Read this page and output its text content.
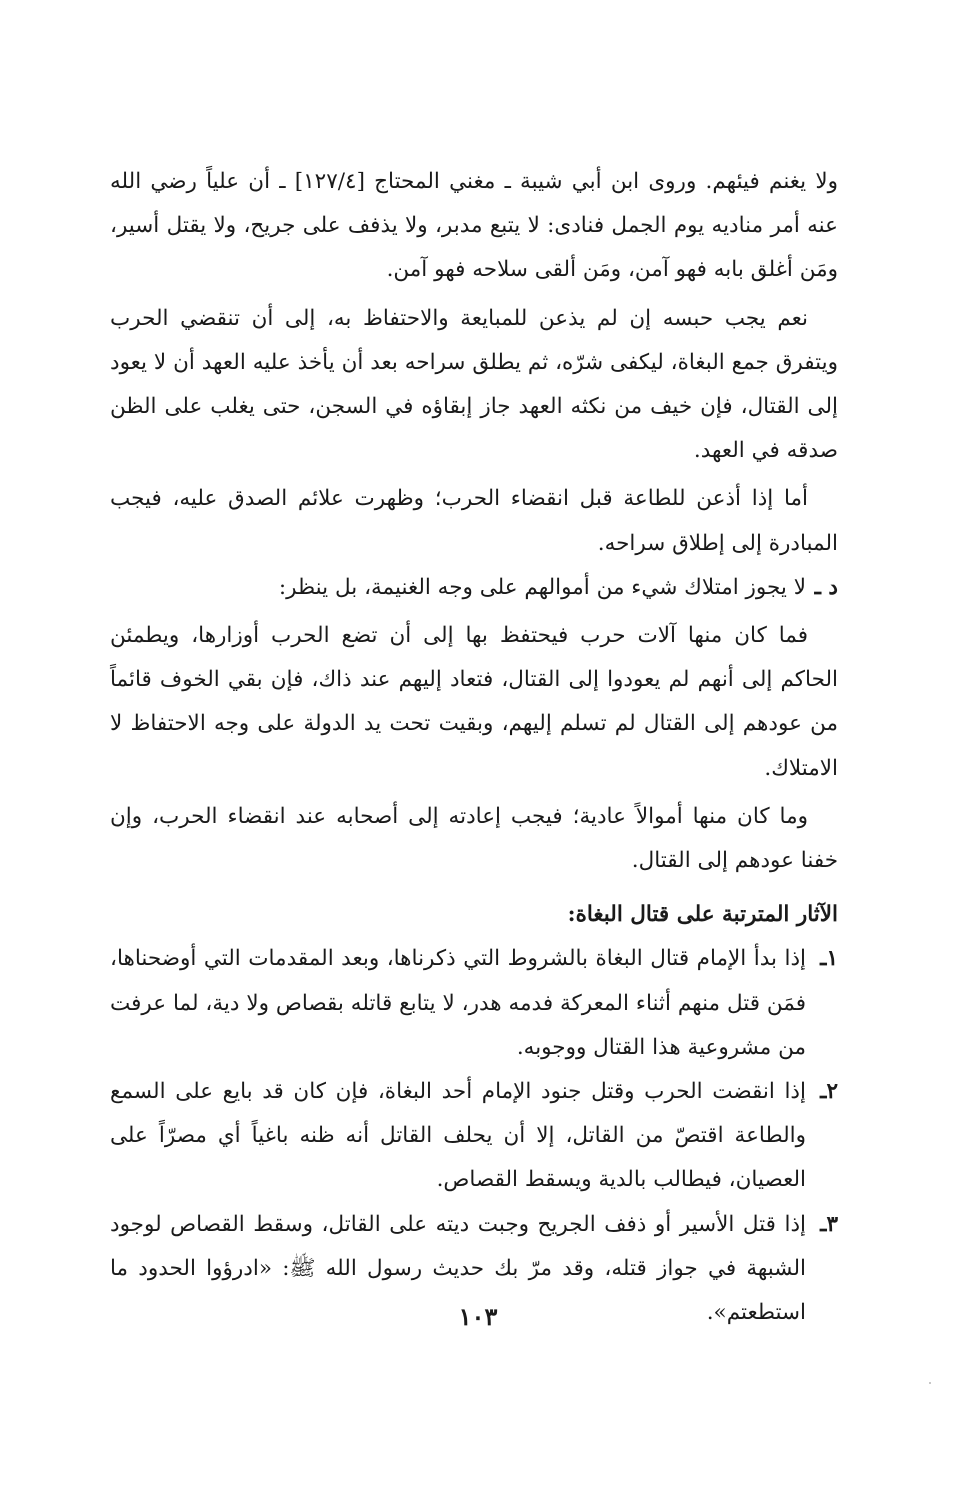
ولا يغنم فيئهم. وروى ابن أبي شيبة ـ مغني المحتاج [١٢٧/٤] ـ أن علياً رضي الله عنه أمر مناديه يوم الجمل فنادى: لا يتبع مدبر، ولا يذفف على جريح، ولا يقتل أسير، ومَن أغلق بابه فهو آمن، ومَن ألقى سلاحه فهو آمن.

نعم يجب حبسه إن لم يذعن للمبايعة والاحتفاظ به، إلى أن تنقضي الحرب ويتفرق جمع البغاة، ليكفى شرّه، ثم يطلق سراحه بعد أن يأخذ عليه العهد أن لا يعود إلى القتال، فإن خيف من نكثه العهد جاز إبقاؤه في السجن، حتى يغلب على الظن صدقه في العهد.

أما إذا أذعن للطاعة قبل انقضاء الحرب؛ وظهرت علائم الصدق عليه، فيجب المبادرة إلى إطلاق سراحه.

د ـ
لا يجوز امتلاك شيء من أموالهم على وجه الغنيمة، بل ينظر:

فما كان منها آلات حرب فيحتفظ بها إلى أن تضع الحرب أوزارها، ويطمئن الحاكم إلى أنهم لم يعودوا إلى القتال، فتعاد إليهم عند ذاك، فإن بقي الخوف قائماً من عودهم إلى القتال لم تسلم إليهم، وبقيت تحت يد الدولة على وجه الاحتفاظ لا الامتلاك.

وما كان منها أموالاً عادية؛ فيجب إعادته إلى أصحابه عند انقضاء الحرب، وإن خفنا عودهم إلى القتال.

الآثار المترتبة على قتال البغاة:

١ـ
إذا بدأ الإمام قتال البغاة بالشروط التي ذكرناها، وبعد المقدمات التي أوضحناها، فمَن قتل منهم أثناء المعركة فدمه هدر، لا يتابع قاتله بقصاص ولا دية، لما عرفت من مشروعية هذا القتال ووجوبه.
٢ـ
إذا انقضت الحرب وقتل جنود الإمام أحد البغاة، فإن كان قد بايع على السمع والطاعة اقتصّ من القاتل، إلا أن يحلف القاتل أنه ظنه باغياً أي مصرّاً على العصيان، فيطالب بالدية ويسقط القصاص.
٣ـ
إذا قتل الأسير أو ذفف الجريح وجبت ديته على القاتل، وسقط القصاص لوجود الشبهة في جواز قتله، وقد مرّ بك حديث رسول الله ﷺ: «ادرؤوا الحدود ما استطعتم».
١٠٣
